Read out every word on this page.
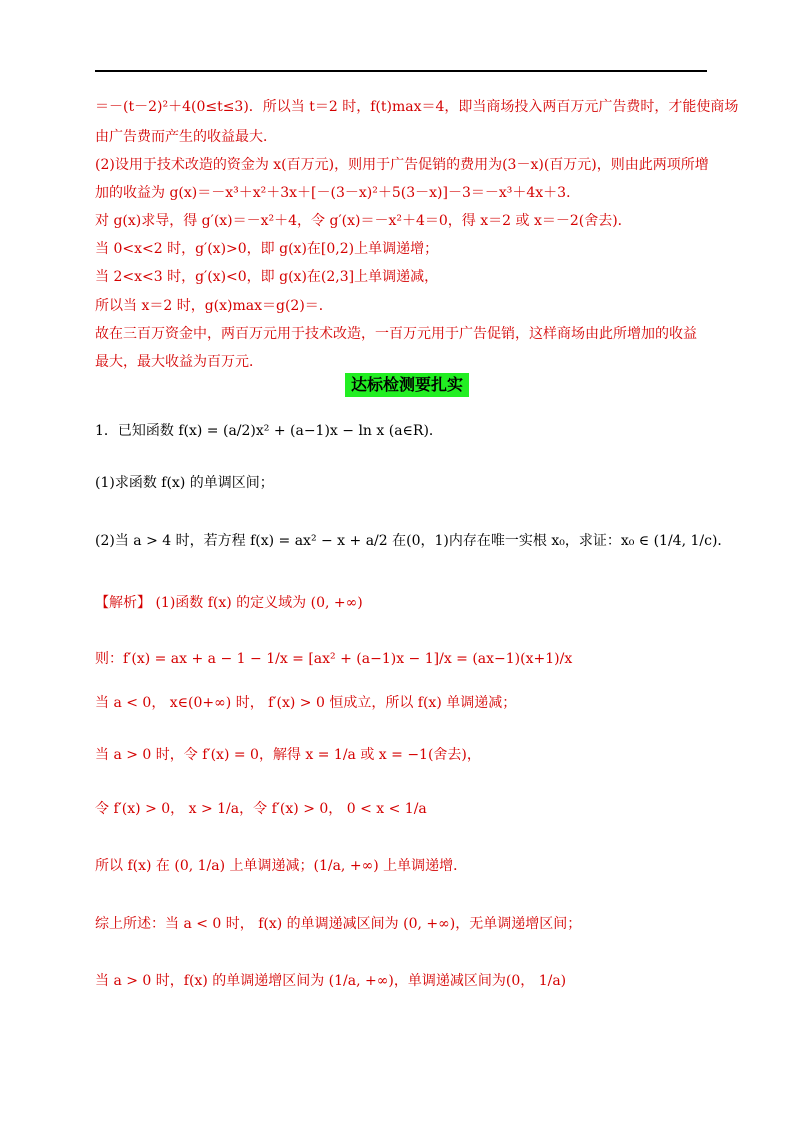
＝－(t－2)²＋4(0≤t≤3)．所以当 t＝2 时，f(t)max＝4，即当商场投入两百万元广告费时，才能使商场
由广告费而产生的收益最大．
(2)设用于技术改造的资金为 x(百万元)，则用于广告促销的费用为(3－x)(百万元)，则由此两项所增
加的收益为 g(x)＝－x³＋x²＋3x＋[－(3－x)²＋5(3－x)]－3＝－x³＋4x＋3．
对 g(x)求导，得 g′(x)＝－x²＋4，令 g′(x)＝－x²＋4＝0，得 x＝2 或 x＝－2(舍去)．
当 0<x<2 时，g′(x)>0，即 g(x)在[0,2)上单调递增；
当 2<x<3 时，g′(x)<0，即 g(x)在(2,3]上单调递减，
所以当 x＝2 时，g(x)max＝g(2)＝．
故在三百万资金中，两百万元用于技术改造，一百万元用于广告促销，这样商场由此所增加的收益
最大，最大收益为百万元．
达标检测要扎实
1．已知函数 f(x) = (a/2)x² + (a−1)x − ln x (a∈R)．
(1)求函数 f(x) 的单调区间；
(2)当 a > 4 时，若方程 f(x) = ax² − x + a/2 在(0，1)内存在唯一实根 x₀，求证：x₀ ∈ (1/4, 1/c)．
【解析】 (1)函数 f(x) 的定义域为 (0, +∞)
则：f′(x) = ax + a − 1 − 1/x = [ax² + (a−1)x − 1]/x = (ax−1)(x+1)/x
当 a < 0， x∈(0+∞) 时， f′(x) > 0 恒成立，所以 f(x) 单调递减；
当 a > 0 时，令 f′(x) = 0，解得 x = 1/a 或 x = −1(舍去)，
令 f′(x) > 0， x > 1/a，令 f′(x) > 0， 0 < x < 1/a
所以 f(x) 在 (0, 1/a) 上单调递减；(1/a, +∞) 上单调递增．
综上所述：当 a < 0 时， f(x) 的单调递减区间为 (0, +∞)，无单调递增区间；
当 a > 0 时，f(x) 的单调递增区间为 (1/a, +∞)，单调递减区间为(0， 1/a)
